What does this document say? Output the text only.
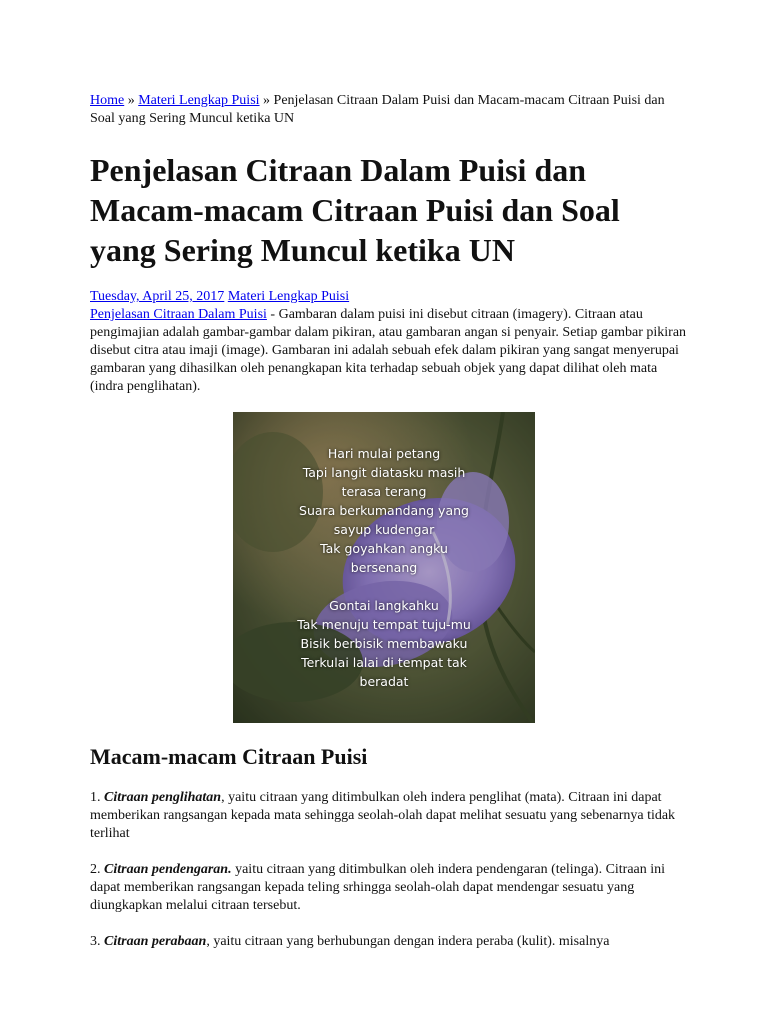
Home » Materi Lengkap Puisi » Penjelasan Citraan Dalam Puisi dan Macam-macam Citraan Puisi dan Soal yang Sering Muncul ketika UN

Penjelasan Citraan Dalam Puisi dan Macam-macam Citraan Puisi dan Soal yang Sering Muncul ketika UN
Tuesday, April 25, 2017 Materi Lengkap Puisi

Penjelasan Citraan Dalam Puisi - Gambaran dalam puisi ini disebut citraan (imagery). Citraan atau pengimajian adalah gambar-gambar dalam pikiran, atau gambaran angan si penyair. Setiap gambar pikiran disebut citra atau imaji (image). Gambaran ini adalah sebuah efek dalam pikiran yang sangat menyerupai gambaran yang dihasilkan oleh penangkapan kita terhadap sebuah objek yang dapat dilihat oleh mata (indra penglihatan).

Hari mulai petang
Tapi langit diatasku masih
terasa terang
Suara berkumandang yang
sayup kudengar
Tak goyahkan angku
bersenang
Gontai langkahku
Tak menuju tempat tuju-mu
Bisik berbisik membawaku
Terkulai lalai di tempat tak
beradat
Macam-macam Citraan Puisi

1. Citraan penglihatan, yaitu citraan yang ditimbulkan oleh indera penglihat (mata). Citraan ini dapat memberikan rangsangan kepada mata sehingga seolah-olah dapat melihat sesuatu yang sebenarnya tidak terlihat

2. Citraan pendengaran. yaitu citraan yang ditimbulkan oleh indera pendengaran (telinga). Citraan ini dapat memberikan rangsangan kepada teling srhingga seolah-olah dapat mendengar sesuatu yang diungkapkan melalui citraan tersebut.

3. Citraan perabaan, yaitu citraan yang berhubungan dengan indera peraba (kulit). misalnya
